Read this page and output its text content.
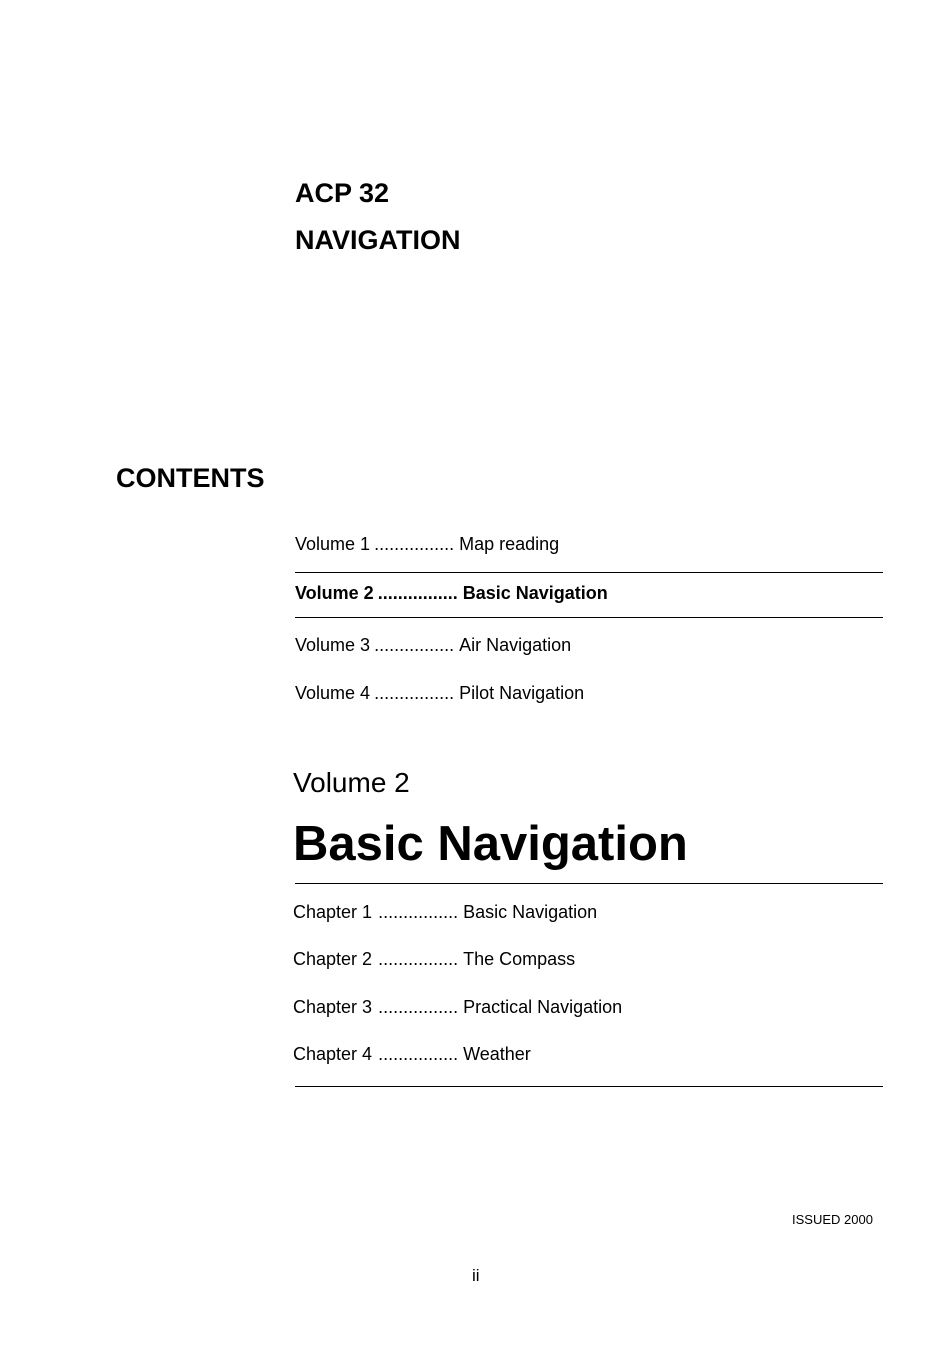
ACP 32
NAVIGATION
CONTENTS
Volume 1 ................ Map reading
Volume 2 ................ Basic Navigation
Volume 3 ................ Air Navigation
Volume 4 ................ Pilot Navigation
Volume 2
Basic Navigation
Chapter 1 ................ Basic Navigation
Chapter 2 ................ The Compass
Chapter 3 ................ Practical Navigation
Chapter 4 ................ Weather
ISSUED 2000
ii
